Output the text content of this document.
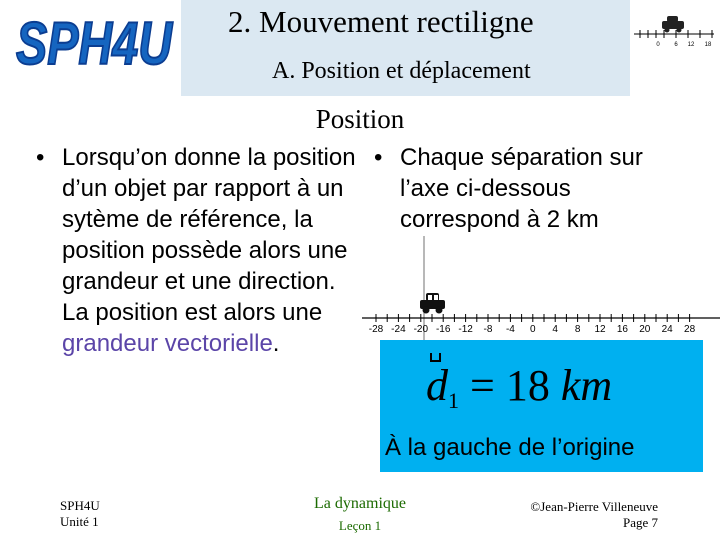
SPH4U 2. Mouvement rectiligne
A. Position et déplacement
0 6 12 18
Position
• Lorsqu’on donne la position d’un objet par rapport à un sytème de référence, la position possède alors une grandeur et une direction. La position est alors une grandeur vectorielle.
• Chaque séparation sur l’axe ci-dessous correspond à 2 km
-28 -24 -20 -16 -12 -8 -4 0 4 8 12 16 20 24 28
$d_1 = 18$ km
À la gauche de l’origine
SPH4U
Unité 1
La dynamique
Leçon 1
©Jean-Pierre Villeneuve
Page 7
